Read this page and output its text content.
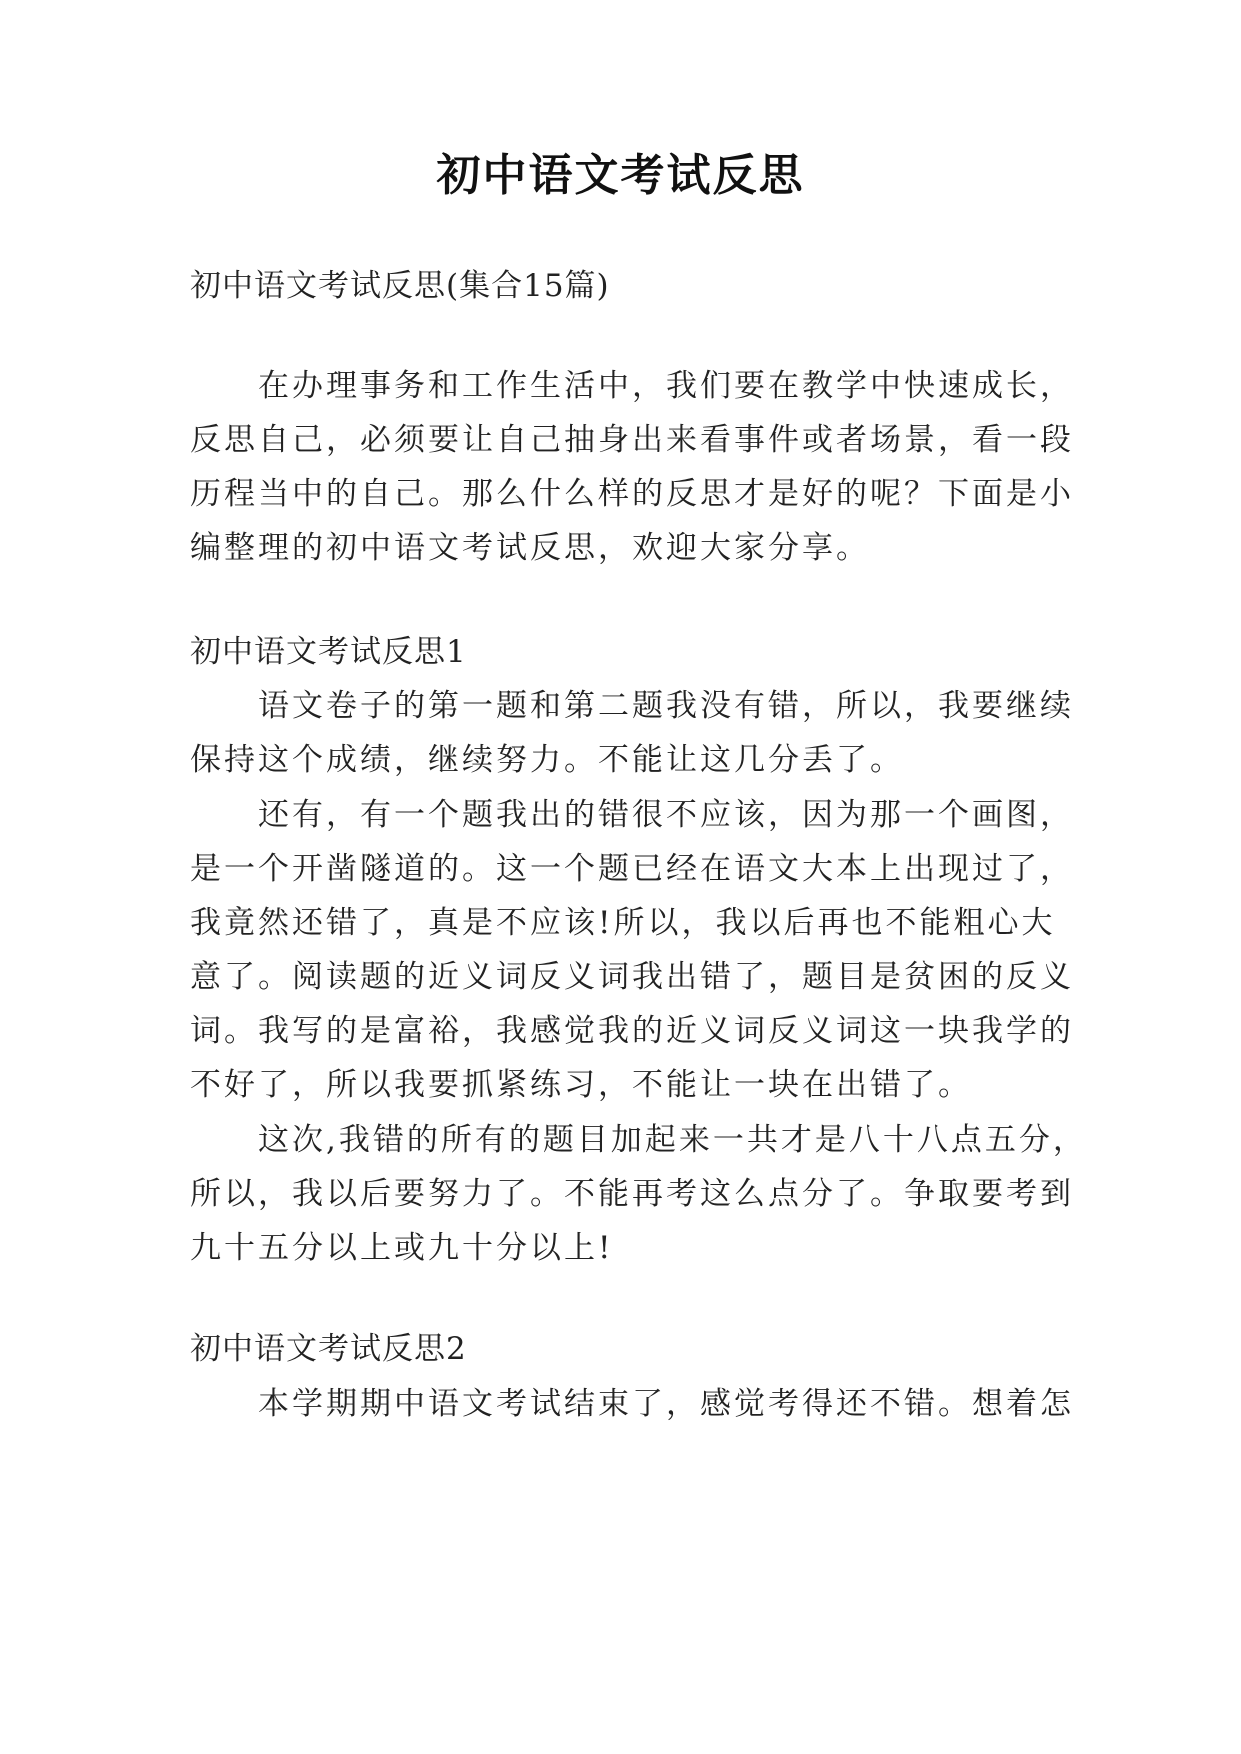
初中语文考试反思
初中语文考试反思(集合15篇)
在办理事务和工作生活中，我们要在教学中快速成长，
反思自己，必须要让自己抽身出来看事件或者场景，看一段
历程当中的自己。那么什么样的反思才是好的呢？下面是小
编整理的初中语文考试反思，欢迎大家分享。
初中语文考试反思1
语文卷子的第一题和第二题我没有错，所以，我要继续
保持这个成绩，继续努力。不能让这几分丢了。
还有，有一个题我出的错很不应该，因为那一个画图，
是一个开凿隧道的。这一个题已经在语文大本上出现过了，
我竟然还错了，真是不应该!所以，我以后再也不能粗心大
意了。阅读题的近义词反义词我出错了，题目是贫困的反义
词。我写的是富裕，我感觉我的近义词反义词这一块我学的
不好了，所以我要抓紧练习，不能让一块在出错了。
这次,我错的所有的题目加起来一共才是八十八点五分，
所以，我以后要努力了。不能再考这么点分了。争取要考到
九十五分以上或九十分以上!
初中语文考试反思2
本学期期中语文考试结束了，感觉考得还不错。想着怎
